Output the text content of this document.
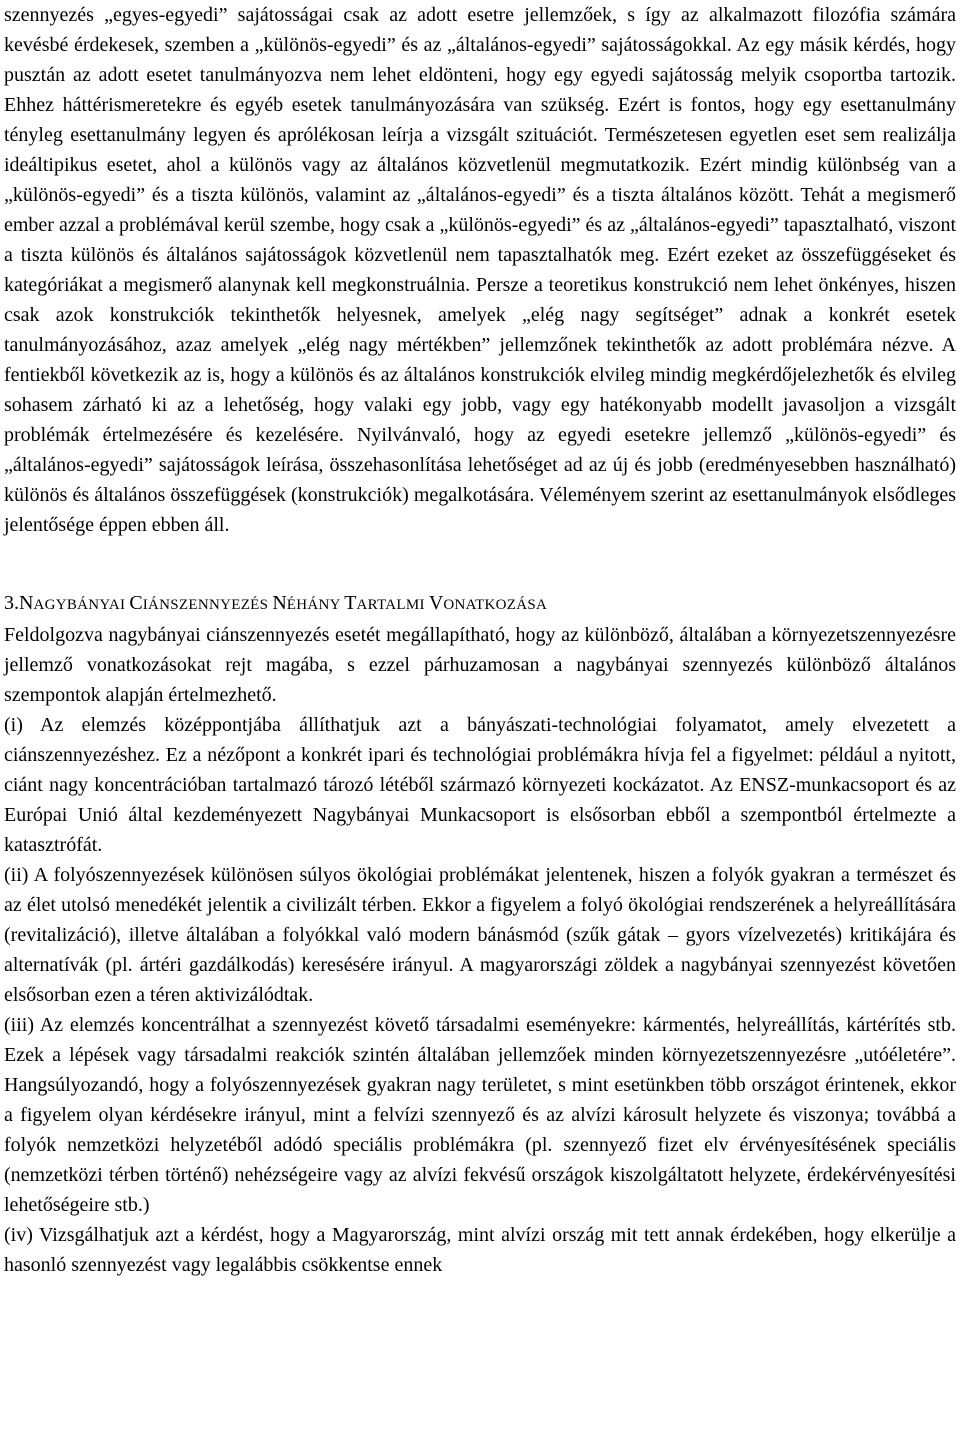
szennyezés „egyes-egyedi” sajátosságai csak az adott esetre jellemzőek, s így az alkalmazott filozófia számára kevésbé érdekesek, szemben a „különös-egyedi” és az „általános-egyedi” sajátosságokkal. Az egy másik kérdés, hogy pusztán az adott esetet tanulmányozva nem lehet eldönteni, hogy egy egyedi sajátosság melyik csoportba tartozik. Ehhez háttérismeretekre és egyéb esetek tanulmányozására van szükség. Ezért is fontos, hogy egy esettanulmány tényleg esettanulmány legyen és aprólékosan leírja a vizsgált szituációt. Természetesen egyetlen eset sem realizálja ideáltipikus esetet, ahol a különös vagy az általános közvetlenül megmutatkozik. Ezért mindig különbség van a „különös-egyedi” és a tiszta különös, valamint az „általános-egyedi” és a tiszta általános között. Tehát a megismerő ember azzal a problémával kerül szembe, hogy csak a „különös-egyedi” és az „általános-egyedi” tapasztalható, viszont a tiszta különös és általános sajátosságok közvetlenül nem tapasztalhatók meg. Ezért ezeket az összefüggéseket és kategóriákat a megismerő alanynak kell megkonstruálnia. Persze a teoretikus konstrukció nem lehet önkényes, hiszen csak azok konstrukciók tekinthetők helyesnek, amelyek „elég nagy segítséget” adnak a konkrét esetek tanulmányozásához, azaz amelyek „elég nagy mértékben” jellemzőnek tekinthetők az adott problémára nézve. A fentiekből következik az is, hogy a különös és az általános konstrukciók elvileg mindig megkérdőjelezhetők és elvileg sohasem zárható ki az a lehetőség, hogy valaki egy jobb, vagy egy hatékonyabb modellt javasoljon a vizsgált problémák értelmezésére és kezelésére. Nyilvánvaló, hogy az egyedi esetekre jellemző „különös-egyedi” és „általános-egyedi” sajátosságok leírása, összehasonlítása lehetőséget ad az új és jobb (eredményesebben használható) különös és általános összefüggések (konstrukciók) megalkotására. Véleményem szerint az esettanulmányok elsődleges jelentősége éppen ebben áll.

3.NAGYBÁNYAI CIÁNSZENNYEZÉS NÉHÁNY TARTALMI VONATKOZÁSA

Feldolgozva nagybányai ciánszennyezés esetét megállapítható, hogy az különböző, általában a környezetszennyezésre jellemző vonatkozásokat rejt magába, s ezzel párhuzamosan a nagybányai szennyezés különböző általános szempontok alapján értelmezhető.

(i) Az elemzés középpontjába állíthatjuk azt a bányászati-technológiai folyamatot, amely elvezetett a ciánszennyezéshez. Ez a nézőpont a konkrét ipari és technológiai problémákra hívja fel a figyelmet: például a nyitott, ciánt nagy koncentrációban tartalmazó tározó létéből származó környezeti kockázatot. Az ENSZ-munkacsoport és az Európai Unió által kezdeményezett Nagybányai Munkacsoport is elsősorban ebből a szempontból értelmezte a katasztrófát.

(ii) A folyószennyezések különösen súlyos ökológiai problémákat jelentenek, hiszen a folyók gyakran a természet és az élet utolsó menedékét jelentik a civilizált térben. Ekkor a figyelem a folyó ökológiai rendszerének a helyreállítására (revitalizáció), illetve általában a folyókkal való modern bánásmód (szűk gátak – gyors vízelvezetés) kritikájára és alternatívák (pl. ártéri gazdálkodás) keresésére irányul. A magyarországi zöldek a nagybányai szennyezést követően elsősorban ezen a téren aktivizálódtak.

(iii) Az elemzés koncentrálhat a szennyezést követő társadalmi eseményekre: kármentés, helyreállítás, kártérítés stb. Ezek a lépések vagy társadalmi reakciók szintén általában jellemzőek minden környezetszennyezésre „utóéletére”. Hangsúlyozandó, hogy a folyószennyezések gyakran nagy területet, s mint esetünkben több országot érintenek, ekkor a figyelem olyan kérdésekre irányul, mint a felvízi szennyező és az alvízi károsult helyzete és viszonya; továbbá a folyók nemzetközi helyzetéből adódó speciális problémákra (pl. szennyező fizet elv érvényesítésének speciális (nemzetközi térben történő) nehézségeire vagy az alvízi fekvésű országok kiszolgáltatott helyzete, érdekérvényesítési lehetőségeire stb.)

(iv) Vizsgálhatjuk azt a kérdést, hogy a Magyarország, mint alvízi ország mit tett annak érdekében, hogy elkerülje a hasonló szennyezést vagy legalábbis csökkentse ennek
